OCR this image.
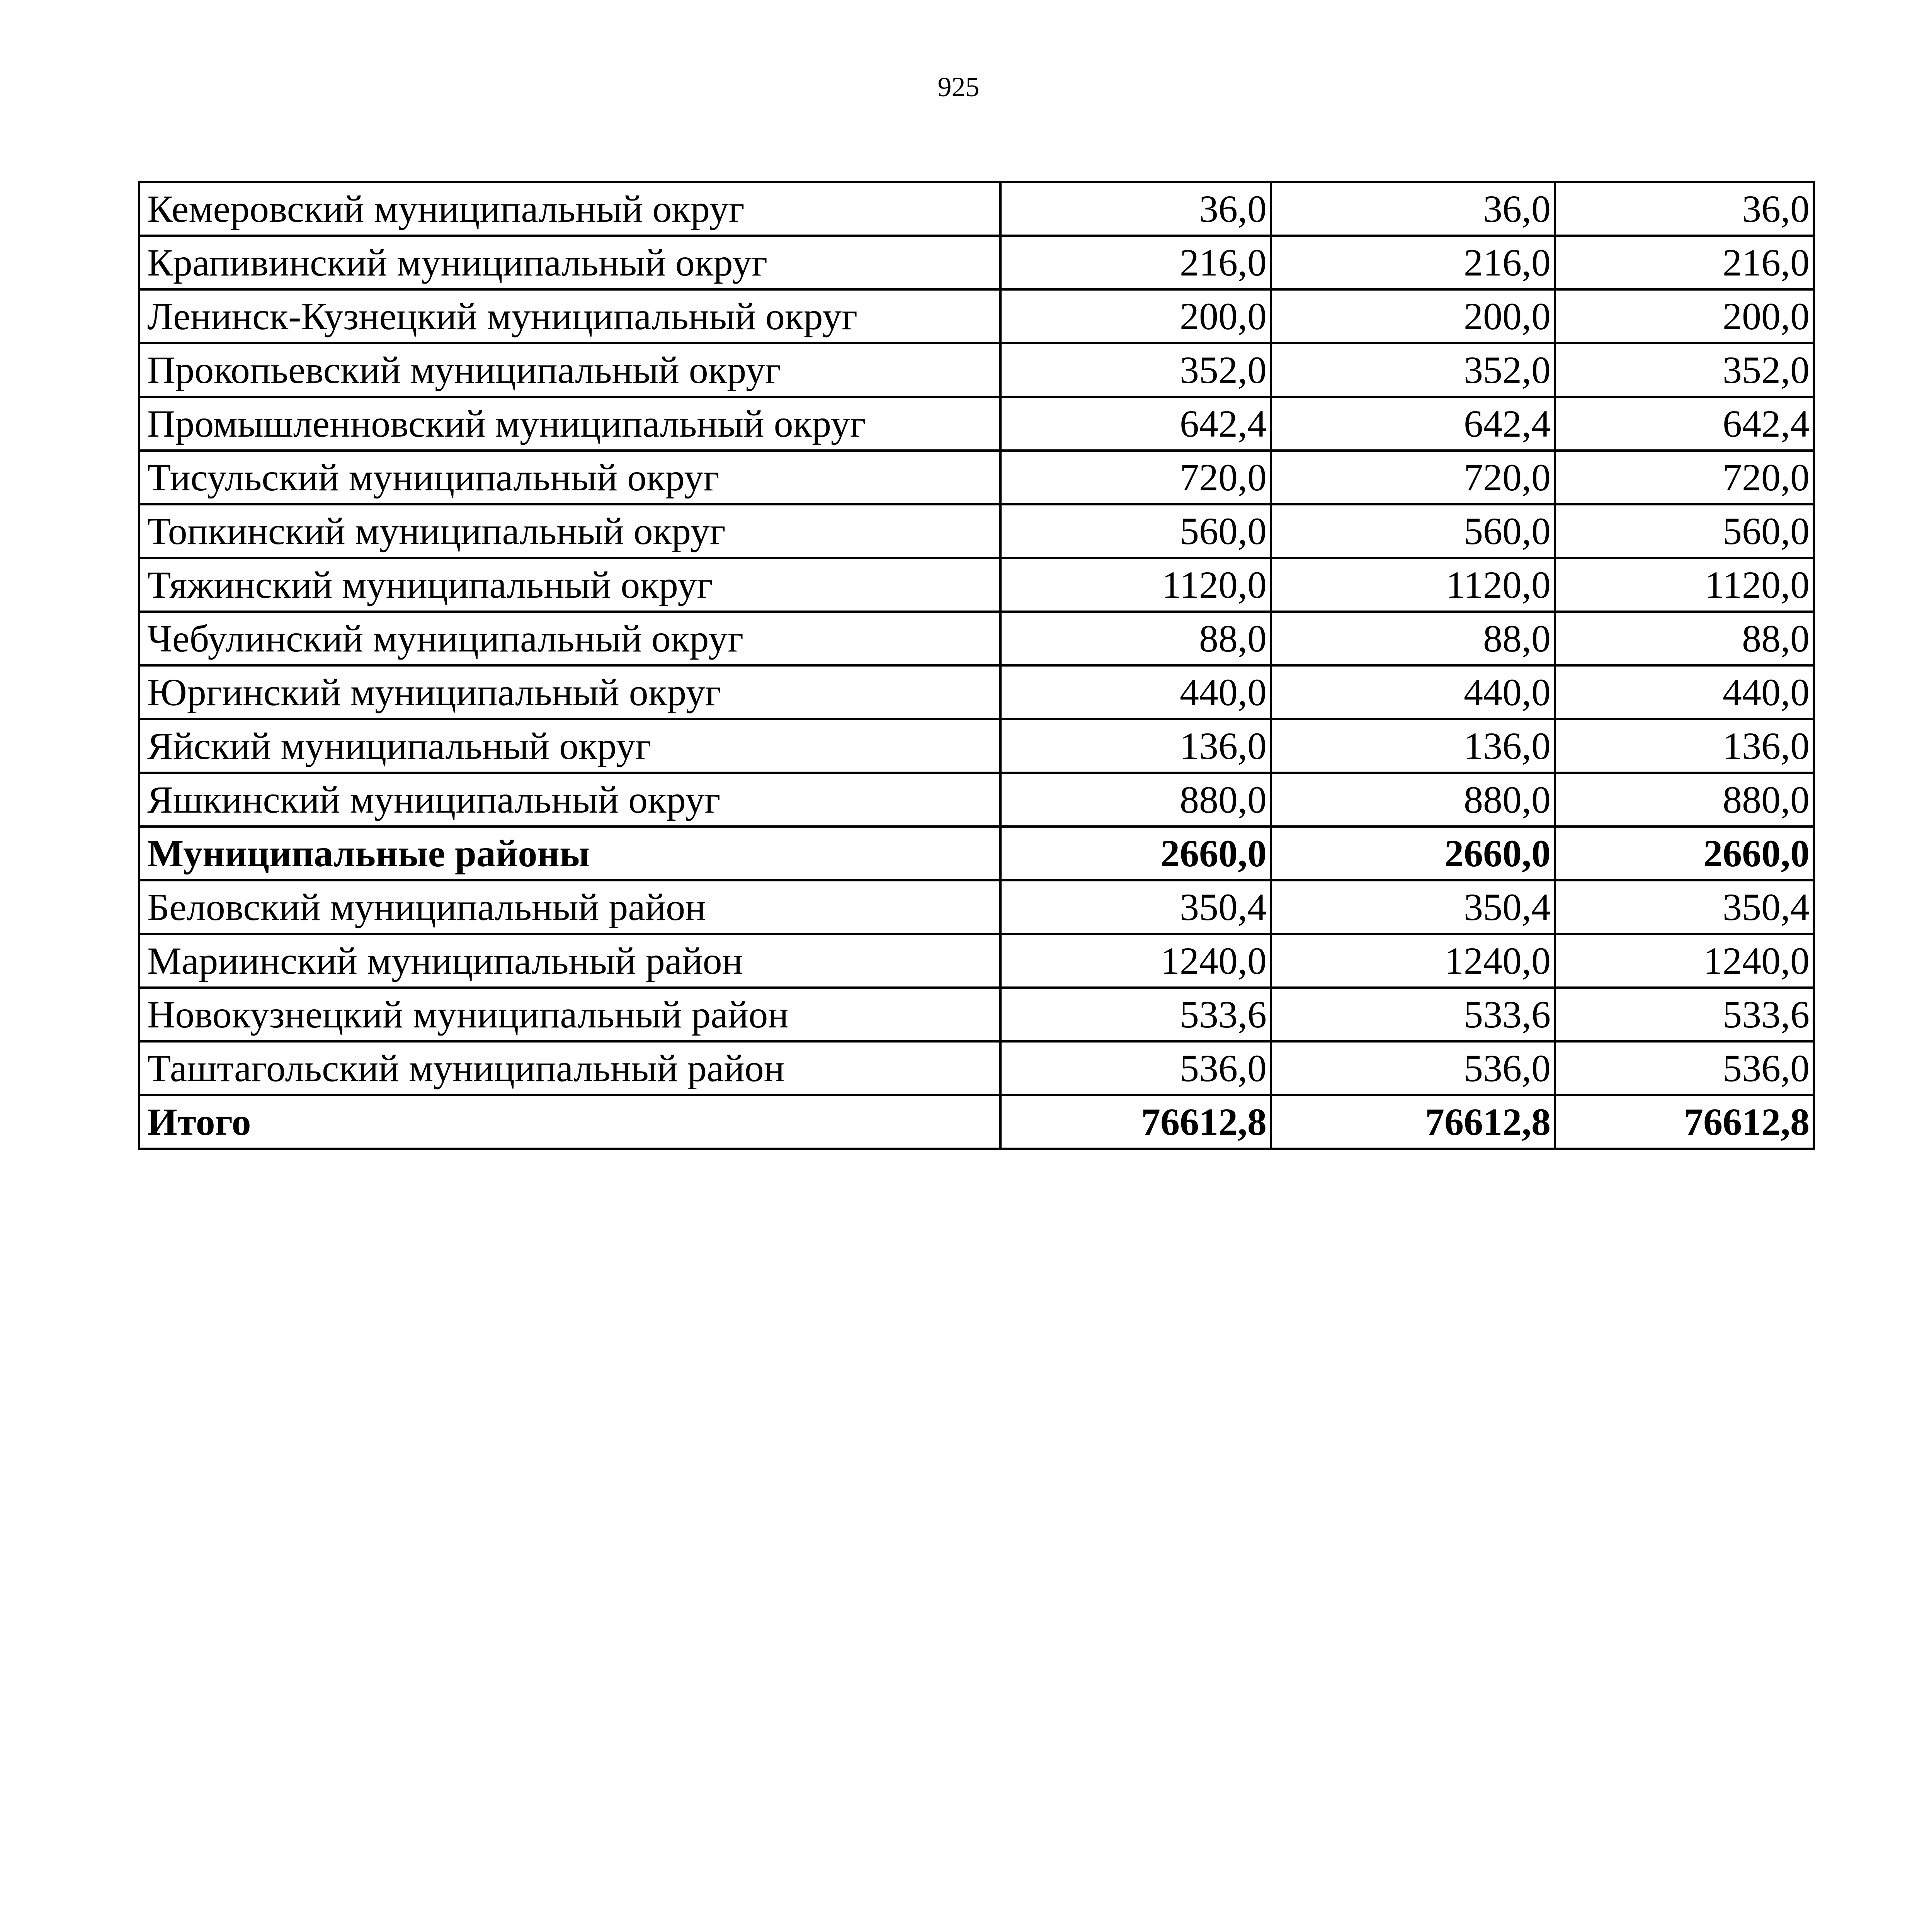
925
Кемеровский муниципальный округ	36,0	36,0	36,0
Крапивинский муниципальный округ	216,0	216,0	216,0
Ленинск-Кузнецкий муниципальный округ	200,0	200,0	200,0
Прокопьевский муниципальный округ	352,0	352,0	352,0
Промышленновский муниципальный округ	642,4	642,4	642,4
Тисульский муниципальный округ	720,0	720,0	720,0
Топкинский муниципальный округ	560,0	560,0	560,0
Тяжинский муниципальный округ	1120,0	1120,0	1120,0
Чебулинский муниципальный округ	88,0	88,0	88,0
Юргинский муниципальный округ	440,0	440,0	440,0
Яйский муниципальный округ	136,0	136,0	136,0
Яшкинский муниципальный округ	880,0	880,0	880,0
Муниципальные районы	2660,0	2660,0	2660,0
Беловский муниципальный район	350,4	350,4	350,4
Мариинский муниципальный район	1240,0	1240,0	1240,0
Новокузнецкий муниципальный район	533,6	533,6	533,6
Таштагольский муниципальный район	536,0	536,0	536,0
Итого	76612,8	76612,8	76612,8
